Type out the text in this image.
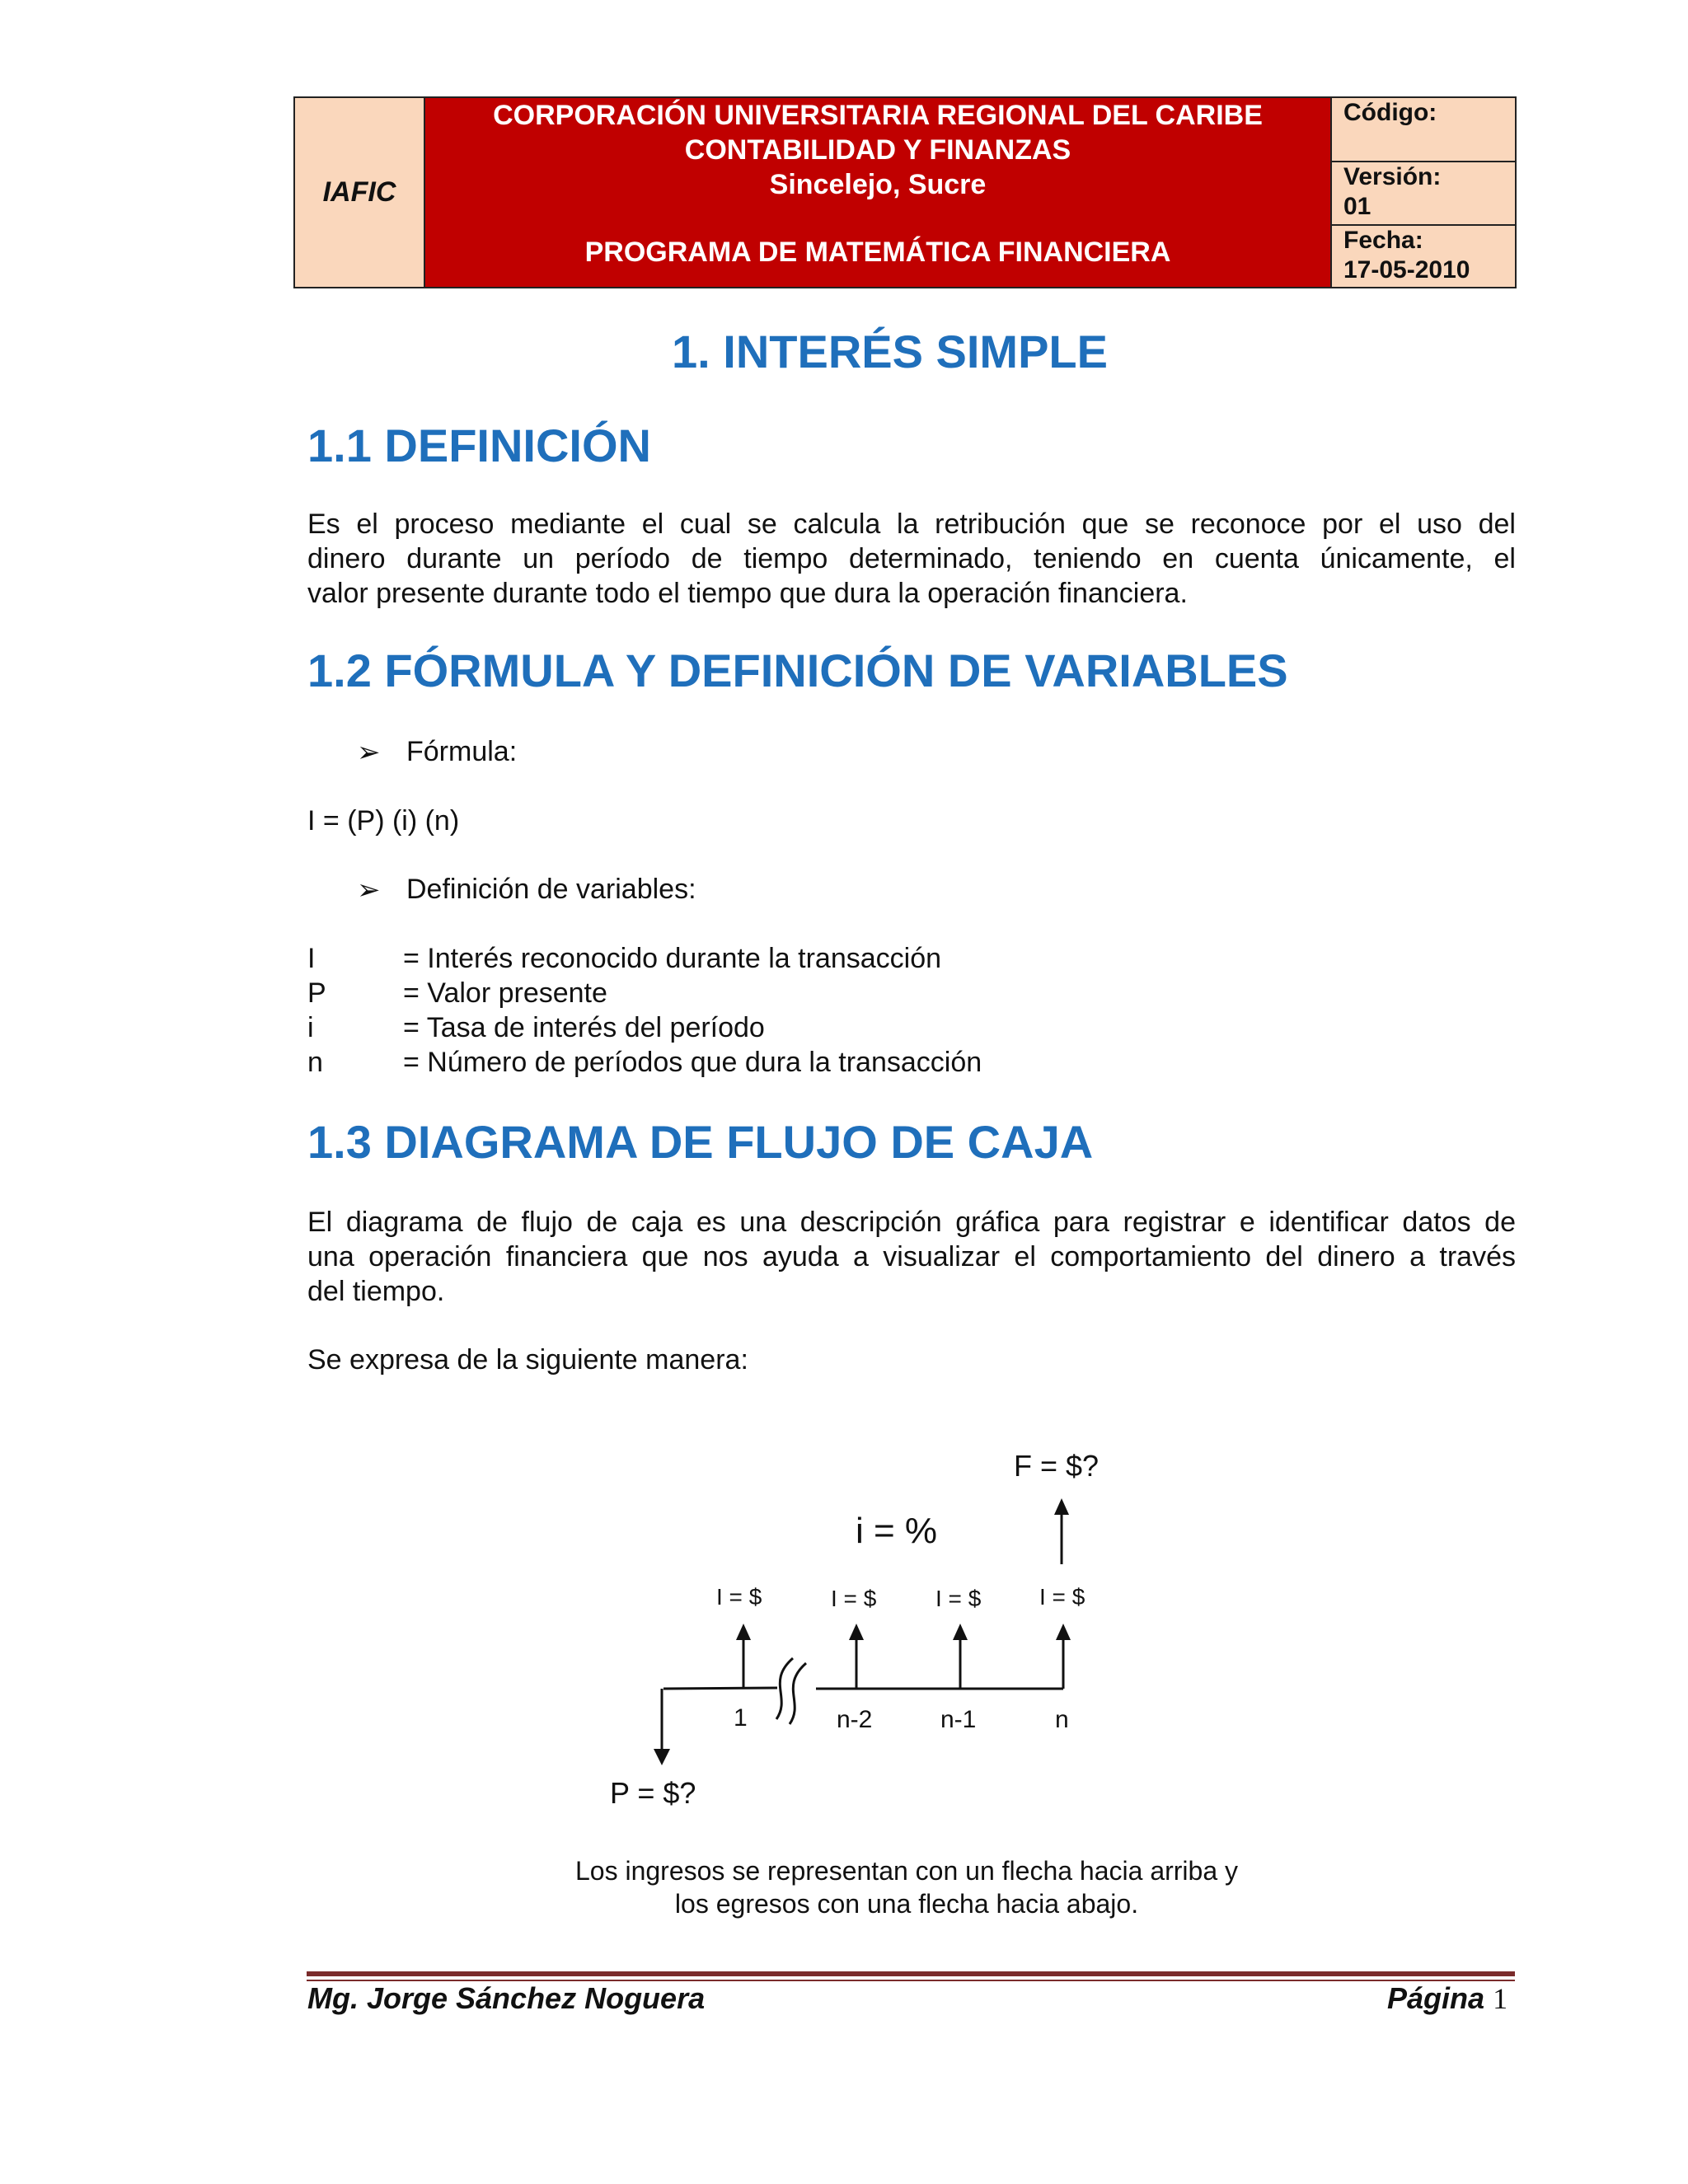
IAFIC
CORPORACIÓN UNIVERSITARIA REGIONAL DEL CARIBE
CONTABILIDAD Y FINANZAS
Sincelejo, Sucre
PROGRAMA DE MATEMÁTICA FINANCIERA
Código:
Versión:
01
Fecha:
17-05-2010
1. INTERÉS SIMPLE
1.1 DEFINICIÓN
Es el proceso mediante el cual se calcula la retribución que se reconoce por el uso del
dinero durante un período de tiempo determinado, teniendo en cuenta únicamente, el
valor presente durante todo el tiempo que dura la operación financiera.
1.2 FÓRMULA Y DEFINICIÓN DE VARIABLES
➢ Fórmula:
I = (P) (i) (n)
➢ Definición de variables:
I	= Interés reconocido durante la transacción
P	= Valor presente
i	= Tasa de interés del período
n	= Número de períodos que dura la transacción
1.3 DIAGRAMA DE FLUJO DE CAJA
El diagrama de flujo de caja es una descripción gráfica para registrar e identificar datos de
una operación financiera que nos ayuda a visualizar el comportamiento del dinero a través
del tiempo.
Se expresa de la siguiente manera:
F = $?
i = %
I = $	I = $	I = $	I = $
1	n-2	n-1	n
P = $?
Los ingresos se representan con un flecha hacia arriba y
los egresos con una flecha hacia abajo.
Mg. Jorge Sánchez Noguera	Página 1
